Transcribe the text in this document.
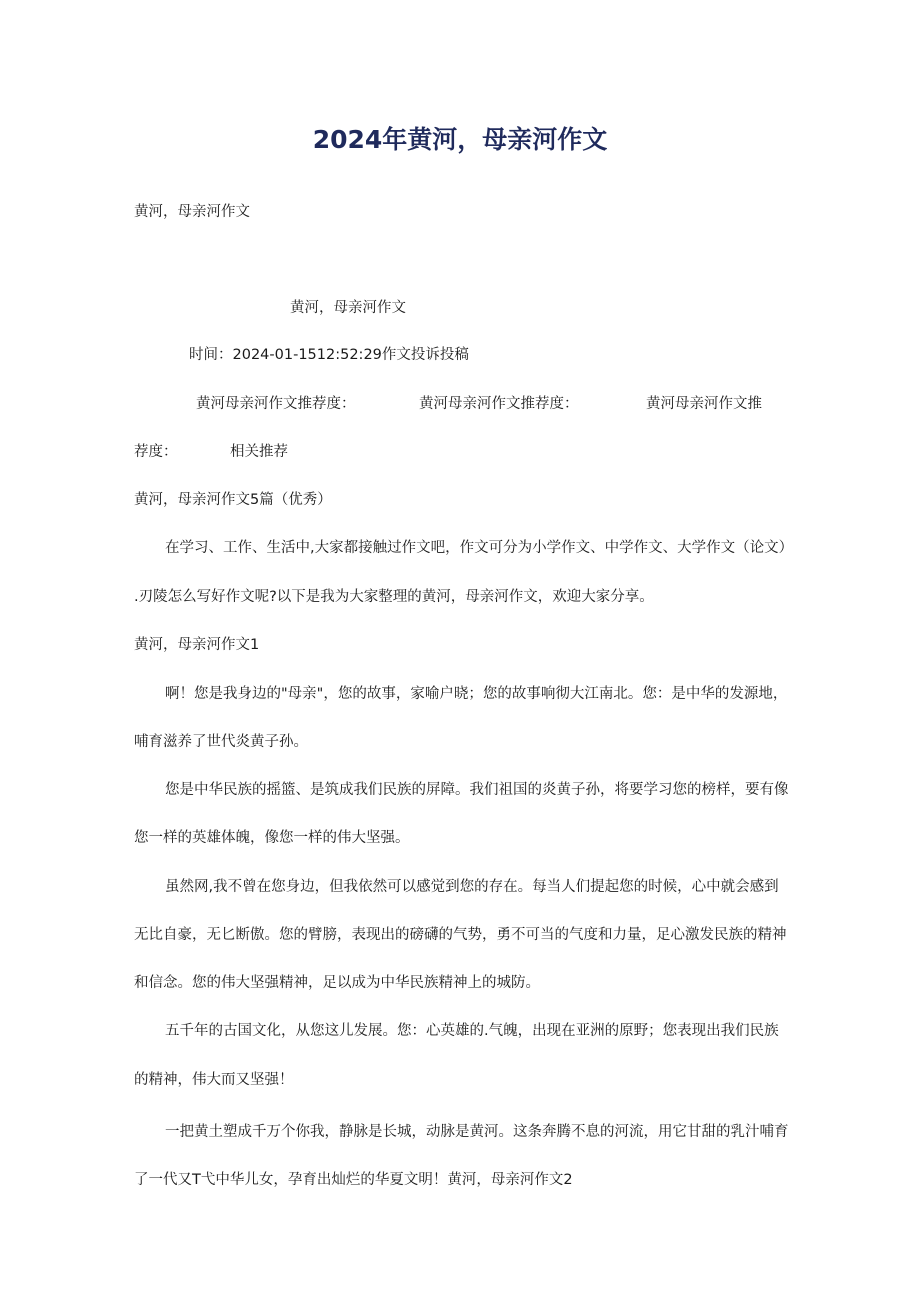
2024年黄河，母亲河作文
黄河，母亲河作文
黄河，母亲河作文
时间：2024-01-1512:52:29作文投诉投稿
黄河母亲河作文推荐度：	黄河母亲河作文推荐度：	黄河母亲河作文推
荐度：	相关推荐
黄河，母亲河作文5篇（优秀）
在学习、工作、生活中,大家都接触过作文吧，作文可分为小学作文、中学作文、大学作文（论文）
.刃陵怎么写好作文呢?以下是我为大家整理的黄河，母亲河作文，欢迎大家分享。
黄河，母亲河作文1
啊！您是我身边的"母亲"，您的故事，家喻户晓；您的故事响彻大江南北。您：是中华的发源地，
哺育滋养了世代炎黄子孙。
您是中华民族的摇篮、是筑成我们民族的屏障。我们祖国的炎黄子孙，将要学习您的榜样，要有像
您一样的英雄体魄，像您一样的伟大坚强。
虽然网,我不曾在您身边，但我依然可以感觉到您的存在。每当人们提起您的时候，心中就会感到
无比自豪，无匕断傲。您的臂膀，表现出的磅礴的气势，勇不可当的气度和力量，足心激发民族的精神
和信念。您的伟大坚强精神，足以成为中华民族精神上的城防。
五千年的古国文化，从您这儿发展。您：心英雄的.气魄，出现在亚洲的原野；您表现出我们民族
的精神，伟大而又坚强！
一把黄土塑成千万个你我，静脉是长城，动脉是黄河。这条奔腾不息的河流，用它甘甜的乳汁哺育
了一代又T弋中华儿女，孕育出灿烂的华夏文明！黄河，母亲河作文2
